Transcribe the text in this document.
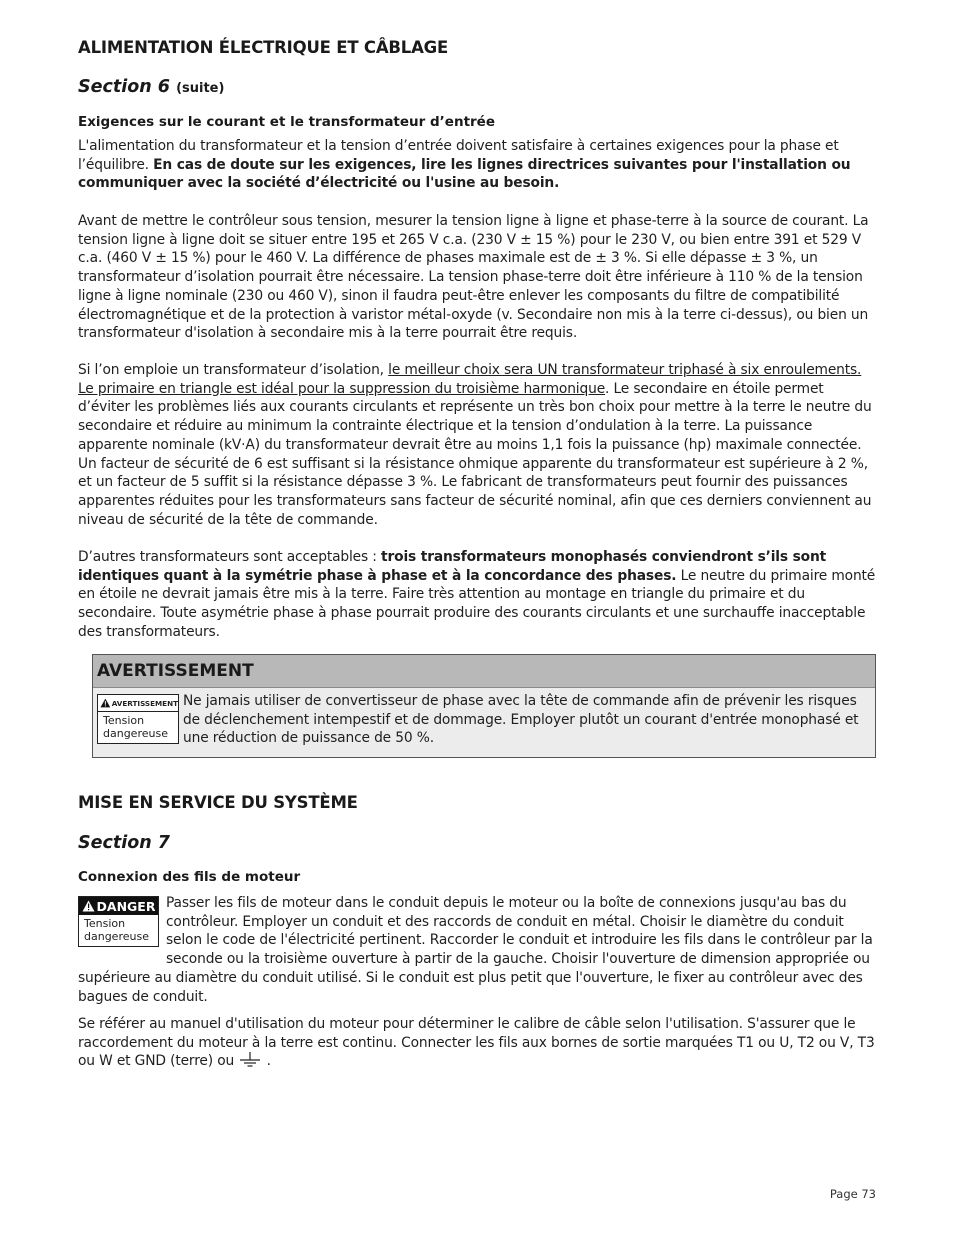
ALIMENTATION ÉLECTRIQUE ET CÂBLAGE
Section 6 (suite)
Exigences sur le courant et le transformateur d’entrée

L'alimentation du transformateur et la tension d’entrée doivent satisfaire à certaines exigences pour la phase et l’équilibre. En cas de doute sur les exigences, lire les lignes directrices suivantes pour l'installation ou communiquer avec la société d’électricité ou l'usine au besoin.

Avant de mettre le contrôleur sous tension, mesurer la tension ligne à ligne et phase-terre à la source de courant. La tension ligne à ligne doit se situer entre 195 et 265 V c.a. (230 V ± 15 %) pour le 230 V, ou bien entre 391 et 529 V c.a. (460 V ± 15 %) pour le 460 V. La différence de phases maximale est de ± 3 %. Si elle dépasse ± 3 %, un transformateur d’isolation pourrait être nécessaire. La tension phase-terre doit être inférieure à 110 % de la tension ligne à ligne nominale (230 ou 460 V), sinon il faudra peut-être enlever les composants du filtre de compatibilité électromagnétique et de la protection à varistor métal-oxyde (v. Secondaire non mis à la terre ci-dessus), ou bien un transformateur d'isolation à secondaire mis à la terre pourrait être requis.

Si l’on emploie un transformateur d’isolation, le meilleur choix sera UN transformateur triphasé à six enroulements. Le primaire en triangle est idéal pour la suppression du troisième harmonique. Le secondaire en étoile permet d’éviter les problèmes liés aux courants circulants et représente un très bon choix pour mettre à la terre le neutre du secondaire et réduire au minimum la contrainte électrique et la tension d’ondulation à la terre. La puissance apparente nominale (kV·A) du transformateur devrait être au moins 1,1 fois la puissance (hp) maximale connectée. Un facteur de sécurité de 6 est suffisant si la résistance ohmique apparente du transformateur est supérieure à 2 %, et un facteur de 5 suffit si la résistance dépasse 3 %. Le fabricant de transformateurs peut fournir des puissances apparentes réduites pour les transformateurs sans facteur de sécurité nominal, afin que ces derniers conviennent au niveau de sécurité de la tête de commande.

D’autres transformateurs sont acceptables : trois transformateurs monophasés conviendront s’ils sont identiques quant à la symétrie phase à phase et à la concordance des phases. Le neutre du primaire monté en étoile ne devrait jamais être mis à la terre. Faire très attention au montage en triangle du primaire et du secondaire. Toute asymétrie phase à phase pourrait produire des courants circulants et une surchauffe inacceptable des transformateurs.

AVERTISSEMENT
AVERTISSEMENT
Tension dangereuse

Ne jamais utiliser de convertisseur de phase avec la tête de commande afin de prévenir les risques de déclenchement intempestif et de dommage. Employer plutôt un courant d'entrée monophasé et une réduction de puissance de 50 %.

MISE EN SERVICE DU SYSTÈME
Section 7
Connexion des fils de moteur
DANGER
Tension dangereuse

Passer les fils de moteur dans le conduit depuis le moteur ou la boîte de connexions jusqu'au bas du contrôleur. Employer un conduit et des raccords de conduit en métal. Choisir le diamètre du conduit selon le code de l'électricité pertinent. Raccorder le conduit et introduire les fils dans le contrôleur par la seconde ou la troisième ouverture à partir de la gauche. Choisir l'ouverture de dimension appropriée ou supérieure au diamètre du conduit utilisé. Si le conduit est plus petit que l'ouverture, le fixer au contrôleur avec des bagues de conduit.

Se référer au manuel d'utilisation du moteur pour déterminer le calibre de câble selon l'utilisation. S'assurer que le raccordement du moteur à la terre est continu. Connecter les fils aux bornes de sortie marquées T1 ou U, T2 ou V, T3 ou W et GND (terre) ou  .

Page 73
